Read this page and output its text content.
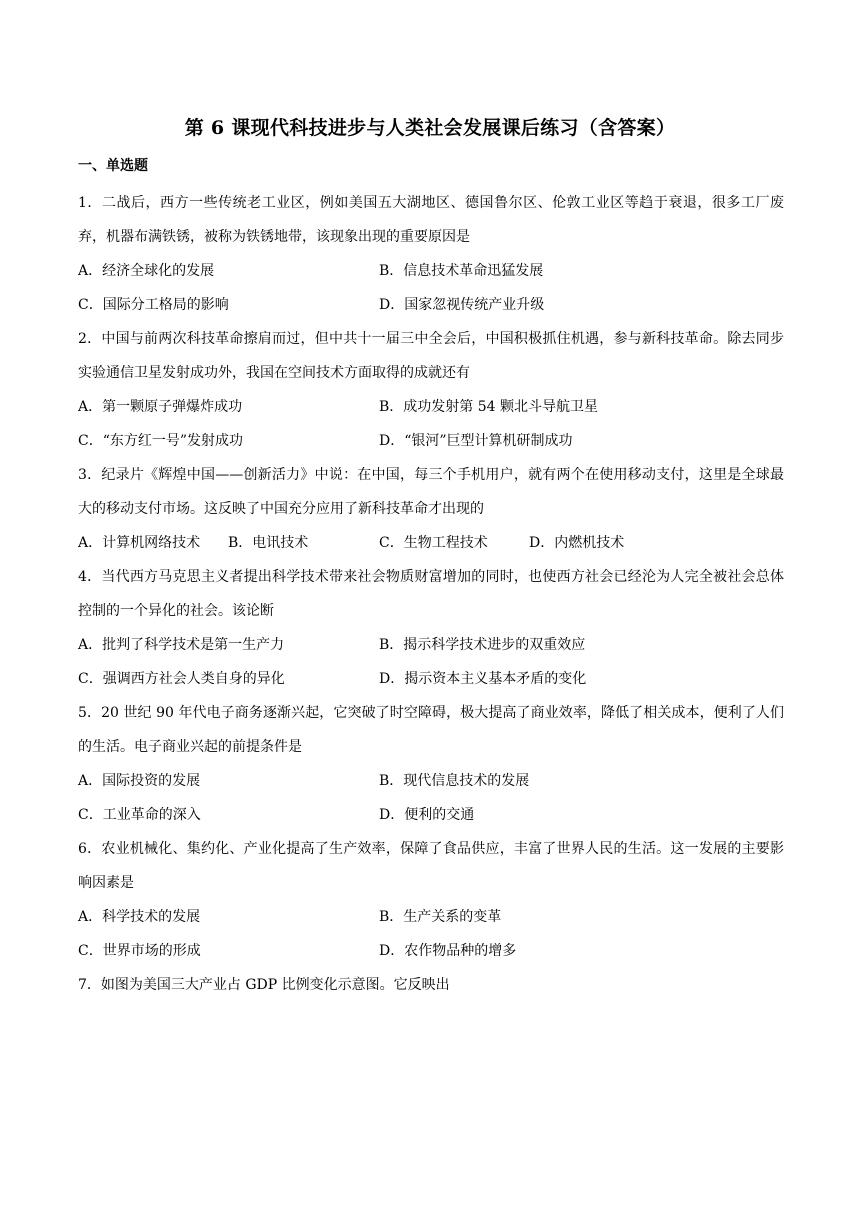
第 6 课现代科技进步与人类社会发展课后练习（含答案）
一、单选题

1．二战后，西方一些传统老工业区，例如美国五大湖地区、德国鲁尔区、伦敦工业区等趋于衰退，很多工厂废弃，机器布满铁锈，被称为铁锈地带，该现象出现的重要原因是

A．经济全球化的发展	B．信息技术革命迅猛发展
C．国际分工格局的影响	D．国家忽视传统产业升级

2．中国与前两次科技革命擦肩而过，但中共十一届三中全会后，中国积极抓住机遇，参与新科技革命。除去同步实验通信卫星发射成功外，我国在空间技术方面取得的成就还有

A．第一颗原子弹爆炸成功	B．成功发射第 54 颗北斗导航卫星
C．“东方红一号”发射成功	D．“银河”巨型计算机研制成功

3．纪录片《辉煌中国——创新活力》中说：在中国，每三个手机用户，就有两个在使用移动支付，这里是全球最大的移动支付市场。这反映了中国充分应用了新科技革命才出现的

A．计算机网络技术	B．电讯技术	C．生物工程技术	D．内燃机技术

4．当代西方马克思主义者提出科学技术带来社会物质财富增加的同时，也使西方社会已经沦为人完全被社会总体控制的一个异化的社会。该论断

A．批判了科学技术是第一生产力	B．揭示科学技术进步的双重效应
C．强调西方社会人类自身的异化	D．揭示资本主义基本矛盾的变化

5．20 世纪 90 年代电子商务逐渐兴起，它突破了时空障碍，极大提高了商业效率，降低了相关成本，便利了人们的生活。电子商业兴起的前提条件是

A．国际投资的发展	B．现代信息技术的发展
C．工业革命的深入	D．便利的交通

6．农业机械化、集约化、产业化提高了生产效率，保障了食品供应，丰富了世界人民的生活。这一发展的主要影响因素是

A．科学技术的发展	B．生产关系的变革
C．世界市场的形成	D．农作物品种的增多

7．如图为美国三大产业占 GDP 比例变化示意图。它反映出
